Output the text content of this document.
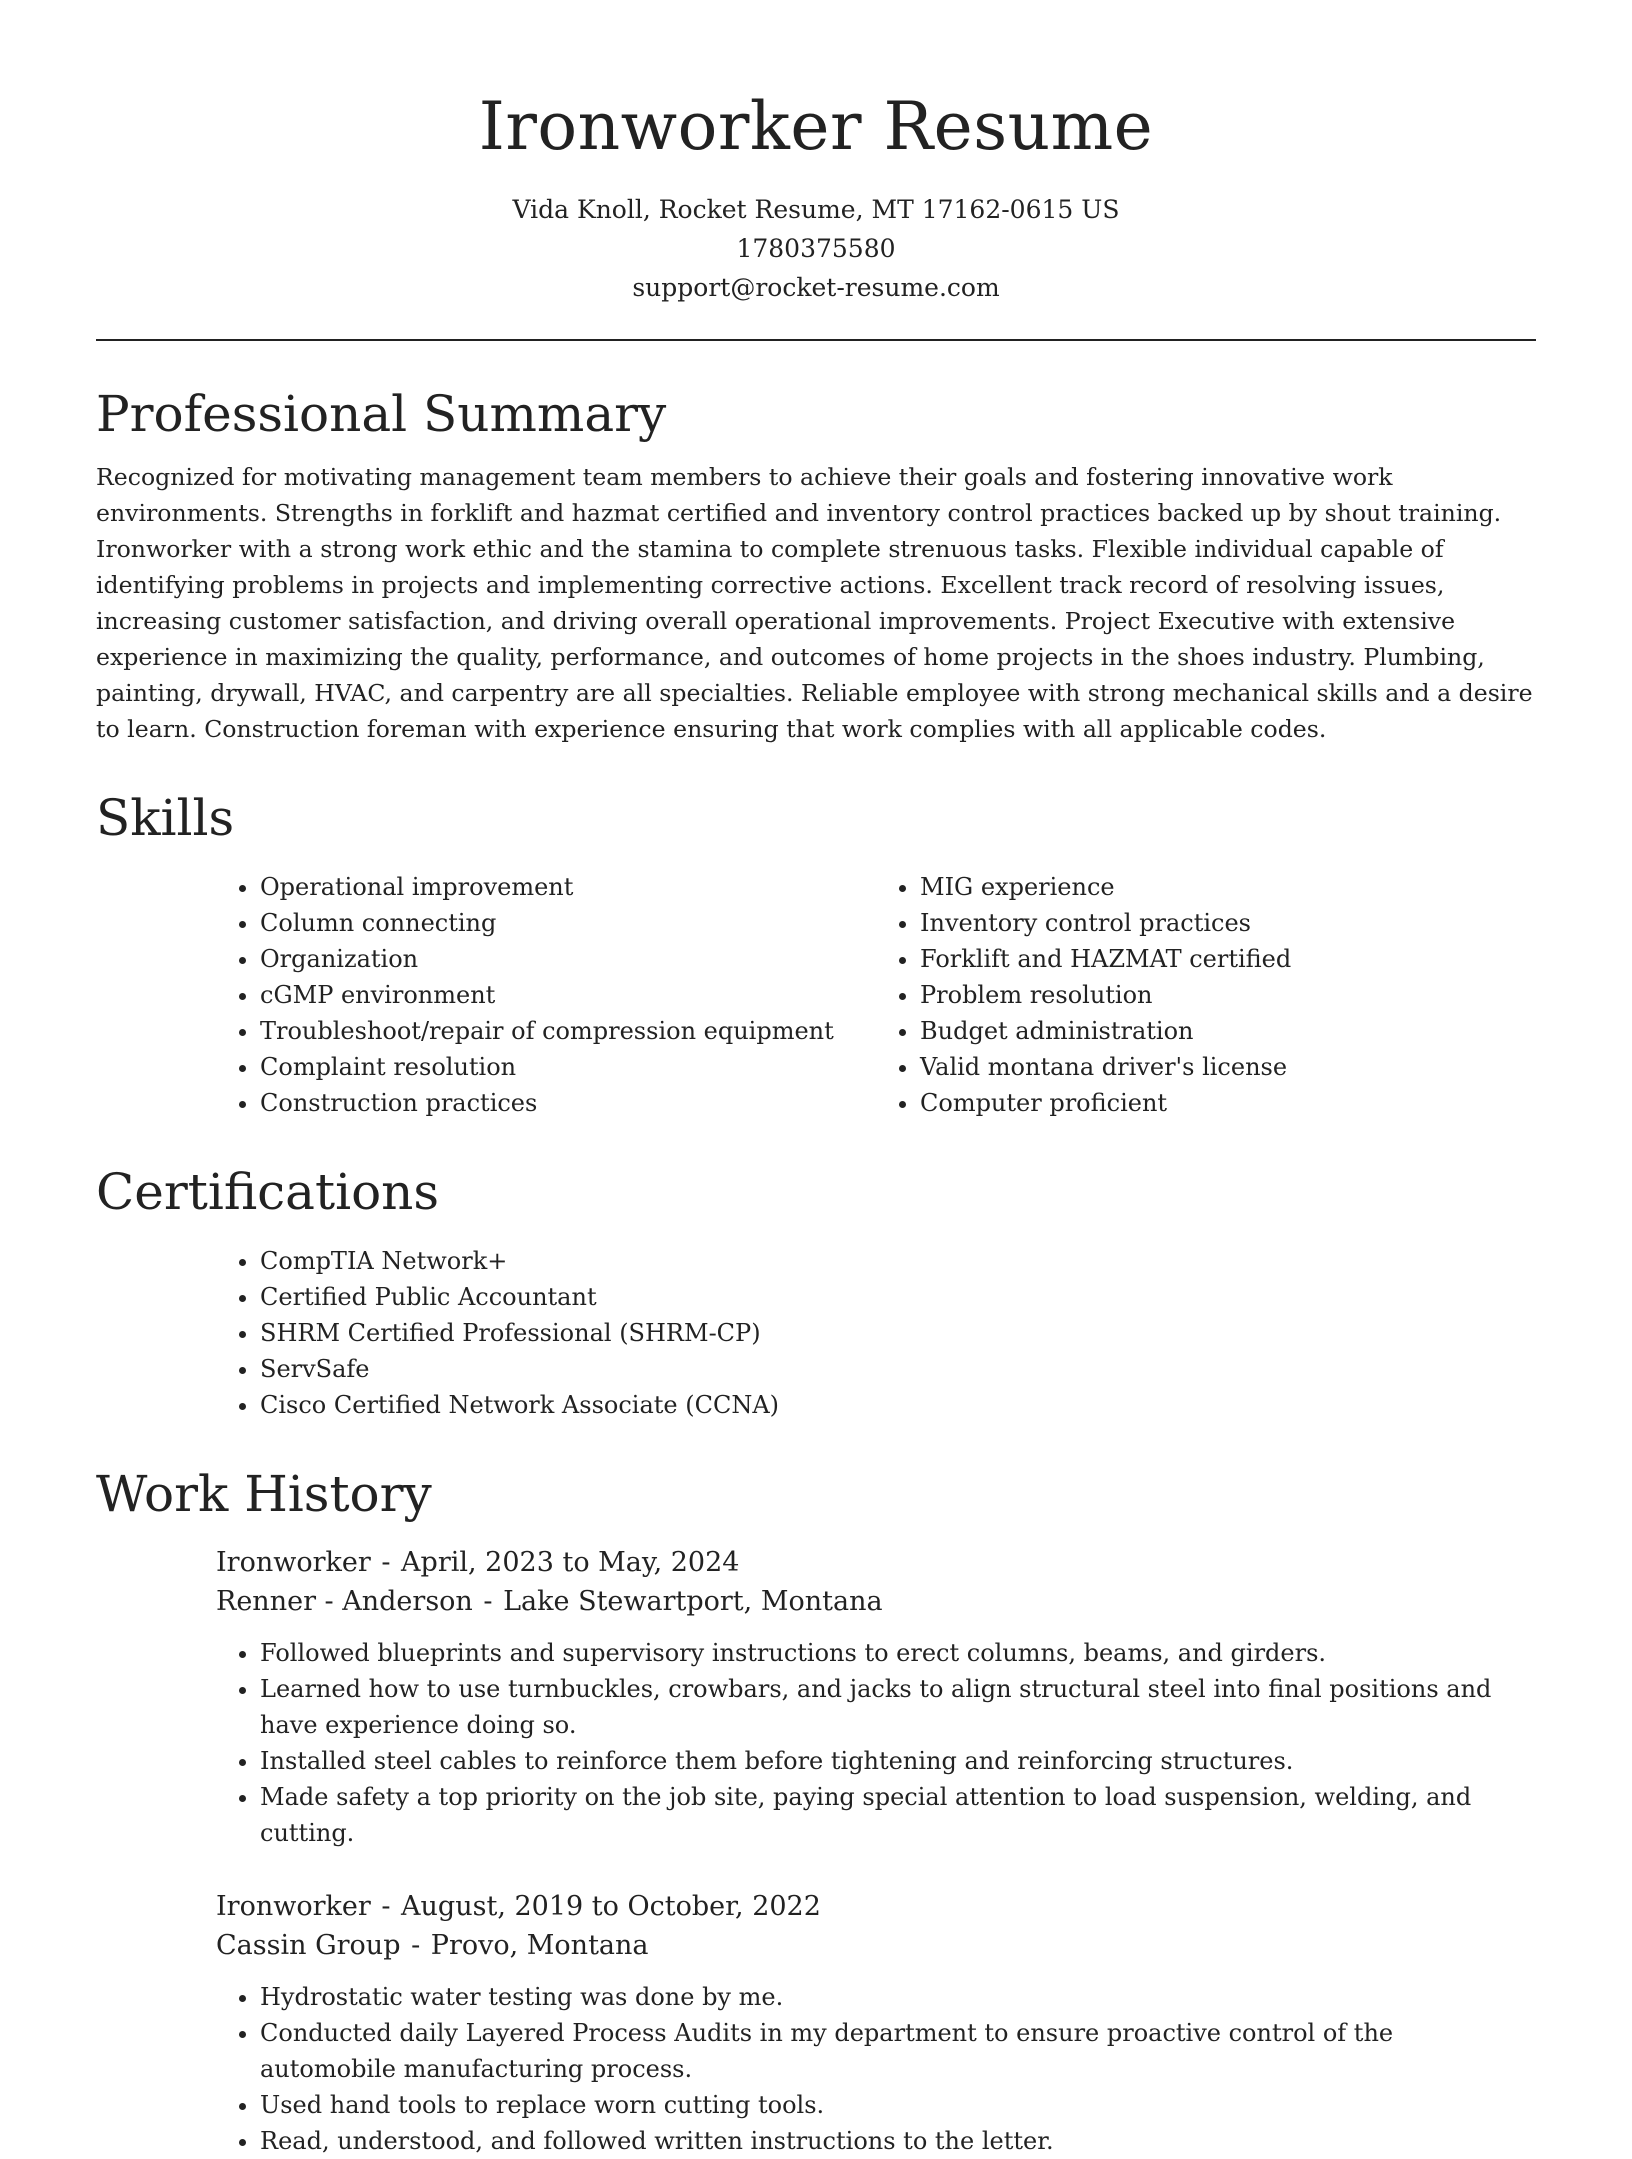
Ironworker Resume
Vida Knoll, Rocket Resume, MT 17162-0615 US
1780375580
support@rocket-resume.com
Professional Summary

Recognized for motivating management team members to achieve their goals and fostering innovative work environments. Strengths in forklift and hazmat certified and inventory control practices backed up by shout training. Ironworker with a strong work ethic and the stamina to complete strenuous tasks. Flexible individual capable of identifying problems in projects and implementing corrective actions. Excellent track record of resolving issues, increasing customer satisfaction, and driving overall operational improvements. Project Executive with extensive experience in maximizing the quality, performance, and outcomes of home projects in the shoes industry. Plumbing, painting, drywall, HVAC, and carpentry are all specialties. Reliable employee with strong mechanical skills and a desire to learn. Construction foreman with experience ensuring that work complies with all applicable codes.

Skills
• Operational improvement
• Column connecting
• Organization
• cGMP environment
• Troubleshoot/repair of compression equipment
• Complaint resolution
• Construction practices
• MIG experience
• Inventory control practices
• Forklift and HAZMAT certified
• Problem resolution
• Budget administration
• Valid montana driver's license
• Computer proficient
Certifications
• CompTIA Network+
• Certified Public Accountant
• SHRM Certified Professional (SHRM-CP)
• ServSafe
• Cisco Certified Network Associate (CCNA)
Work History
Ironworker - April, 2023 to May, 2024
Renner - Anderson - Lake Stewartport, Montana
• Followed blueprints and supervisory instructions to erect columns, beams, and girders.
• Learned how to use turnbuckles, crowbars, and jacks to align structural steel into final positions and have experience doing so.
• Installed steel cables to reinforce them before tightening and reinforcing structures.
• Made safety a top priority on the job site, paying special attention to load suspension, welding, and cutting.
Ironworker - August, 2019 to October, 2022
Cassin Group - Provo, Montana
• Hydrostatic water testing was done by me.
• Conducted daily Layered Process Audits in my department to ensure proactive control of the automobile manufacturing process.
• Used hand tools to replace worn cutting tools.
• Read, understood, and followed written instructions to the letter.
